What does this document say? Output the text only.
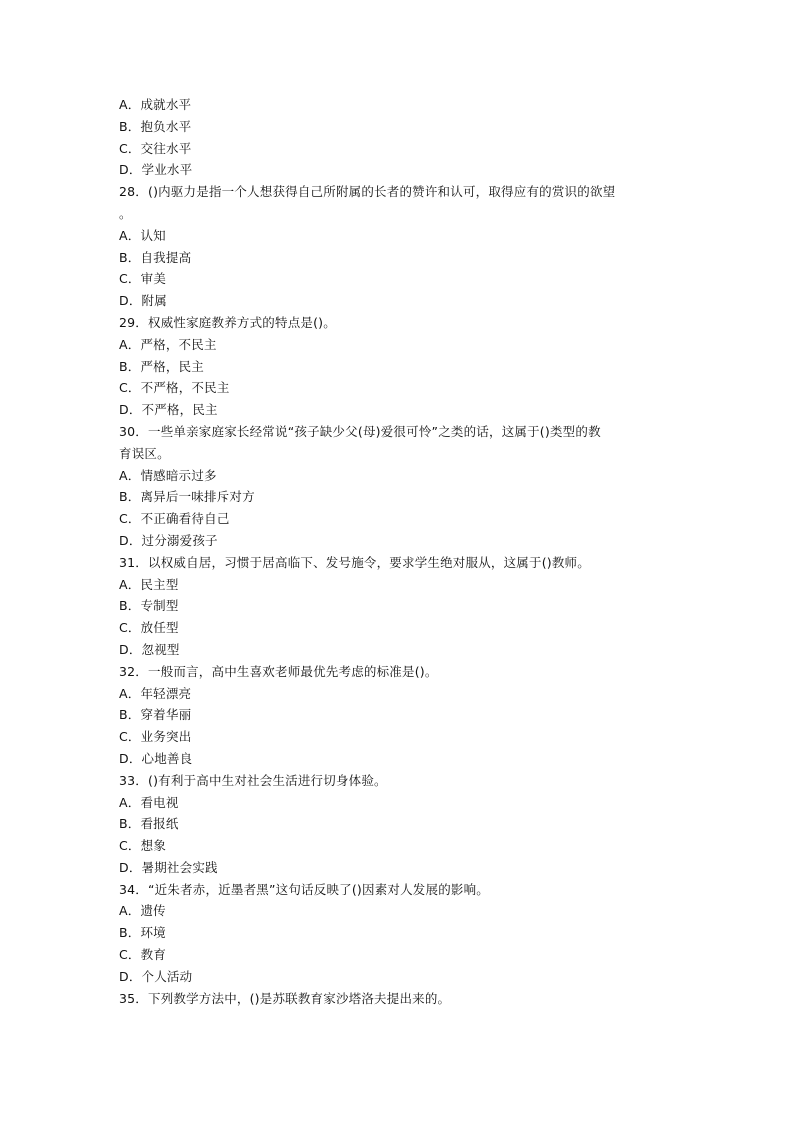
A．成就水平
B．抱负水平
C．交往水平
D．学业水平
28．()内驱力是指一个人想获得自己所附属的长者的赞许和认可，取得应有的赏识的欲望
。
A．认知
B．自我提高
C．审美
D．附属
29．权威性家庭教养方式的特点是()。
A．严格，不民主
B．严格，民主
C．不严格，不民主
D．不严格，民主
30．一些单亲家庭家长经常说“孩子缺少父(母)爱很可怜”之类的话，这属于()类型的教
育误区。
A．情感暗示过多
B．离异后一味排斥对方
C．不正确看待自己
D．过分溺爱孩子
31．以权威自居，习惯于居高临下、发号施令，要求学生绝对服从，这属于()教师。
A．民主型
B．专制型
C．放任型
D．忽视型
32．一般而言，高中生喜欢老师最优先考虑的标准是()。
A．年轻漂亮
B．穿着华丽
C．业务突出
D．心地善良
33．()有利于高中生对社会生活进行切身体验。
A．看电视
B．看报纸
C．想象
D．暑期社会实践
34．“近朱者赤，近墨者黑”这句话反映了()因素对人发展的影响。
A．遗传
B．环境
C．教育
D．个人活动
35．下列教学方法中，()是苏联教育家沙塔洛夫提出来的。
